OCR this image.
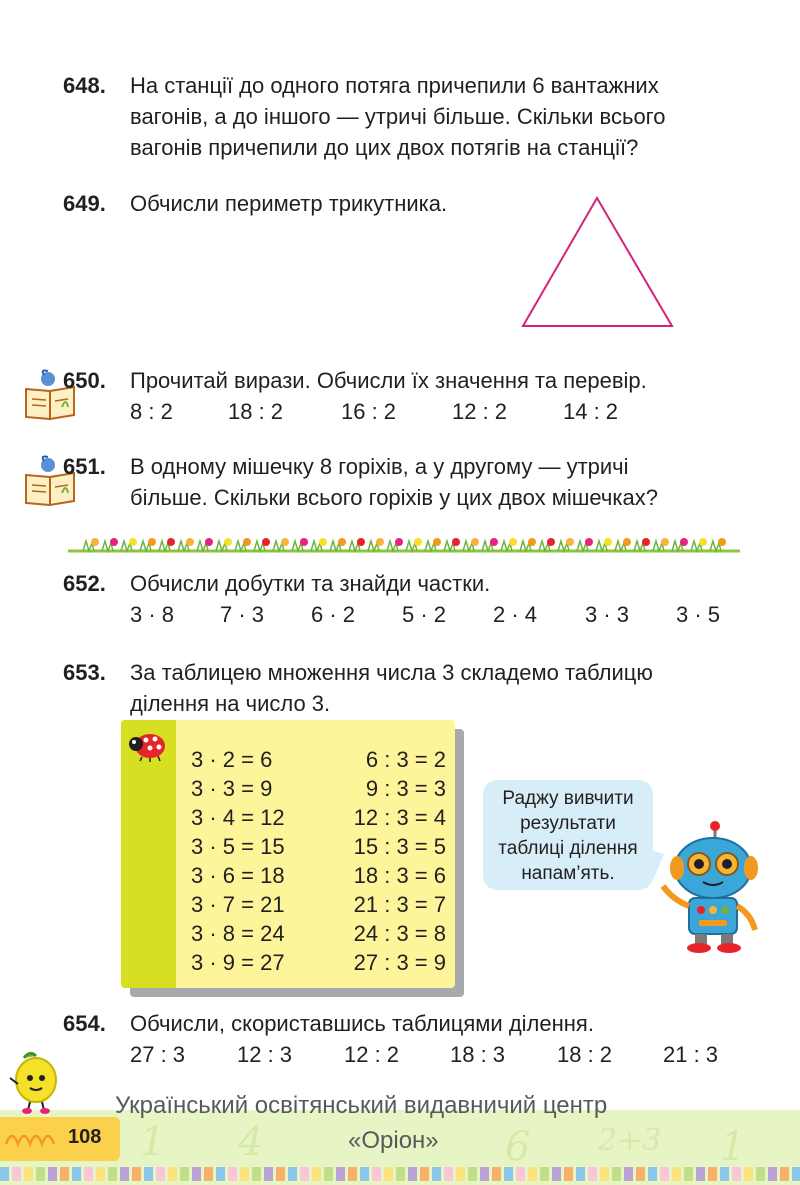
648. На станції до одного потяга причепили 6 вантажних
вагонів, а до іншого — утричі більше. Скільки всього
вагонів причепили до цих двох потягів на станції?
649. Обчисли периметр трикутника.
650. Прочитай вирази. Обчисли їх значення та перевір.
8 : 2	18 : 2	16 : 2	12 : 2	14 : 2
651. В одному мішечку 8 горіхів, а у другому — утричі
більше. Скільки всього горіхів у цих двох мішечках?
652. Обчисли добутки та знайди частки.
3 · 8 7 · 3 6 · 2 5 · 2 2 · 4 3 · 3 3 · 5
653. За таблицею множення числа 3 складемо таблицю
ділення на число 3.
3 · 2 = 6	6 : 3 = 2
3 · 3 = 9	9 : 3 = 3
3 · 4 = 12	12 : 3 = 4
3 · 5 = 15	15 : 3 = 5
3 · 6 = 18	18 : 3 = 6
3 · 7 = 21	21 : 3 = 7
3 · 8 = 24	24 : 3 = 8
3 · 9 = 27	27 : 3 = 9
Раджу вивчити
результати
таблиці ділення
напам’ять.
654. Обчисли, скориставшись таблицями ділення.
27 : 3 12 : 3 12 : 2 18 : 3 18 : 2 21 : 3
1 4	6 2+3 1
108
Український освітянський видавничий центр
«Оріон»
